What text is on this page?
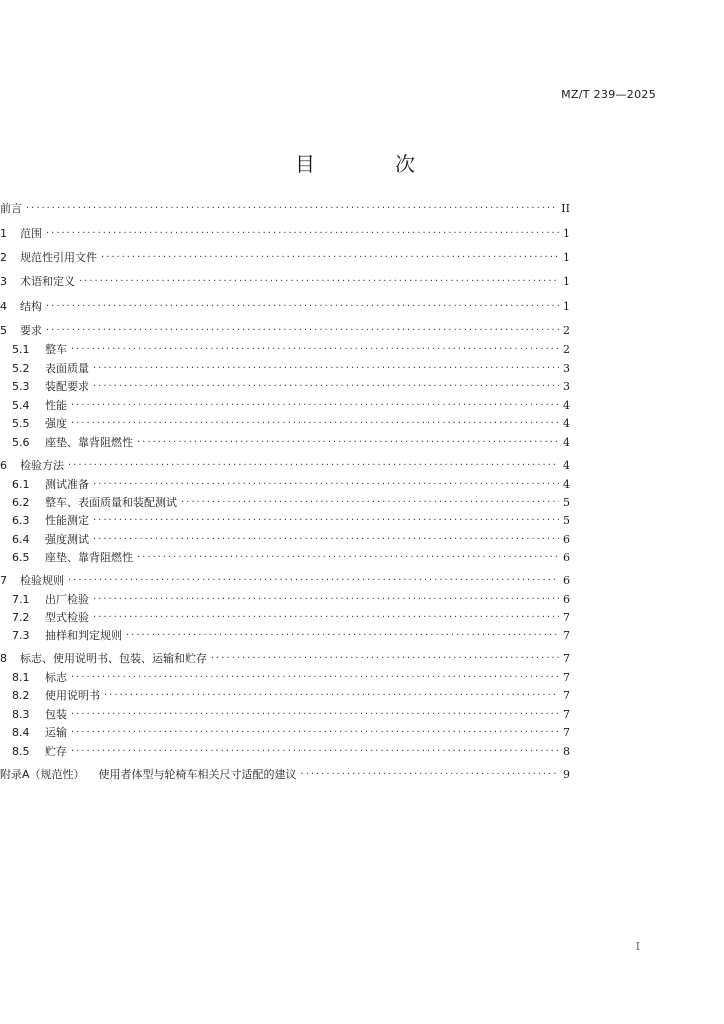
MZ/T 239—2025
目　次
前言 . . .	II
1	范围 . . .	1
2	规范性引用文件 . . .	1
3	术语和定义 . . .	1
4	结构 . . .	1
5	要求 . . .	2
5.1	整车 . . .	2
5.2	表面质量 . . .	3
5.3	装配要求 . . .	3
5.4	性能 . . .	4
5.5	强度 . . .	4
5.6	座垫、靠背阻燃性 . . .	4
6	检验方法 . . .	4
6.1	测试准备 . . .	4
6.2	整车、表面质量和装配测试 . . .	5
6.3	性能测定 . . .	5
6.4	强度测试 . . .	6
6.5	座垫、靠背阻燃性 . . .	6
7	检验规则 . . .	6
7.1	出厂检验 . . .	6
7.2	型式检验 . . .	7
7.3	抽样和判定规则 . . .	7
8	标志、使用说明书、包装、运输和贮存 . . .	7
8.1	标志 . . .	7
8.2	使用说明书 . . .	7
8.3	包装 . . .	7
8.4	运输 . . .	7
8.5	贮存 . . .	8
附录A（规范性） 使用者体型与轮椅车相关尺寸适配的建议 . . .	9
I
